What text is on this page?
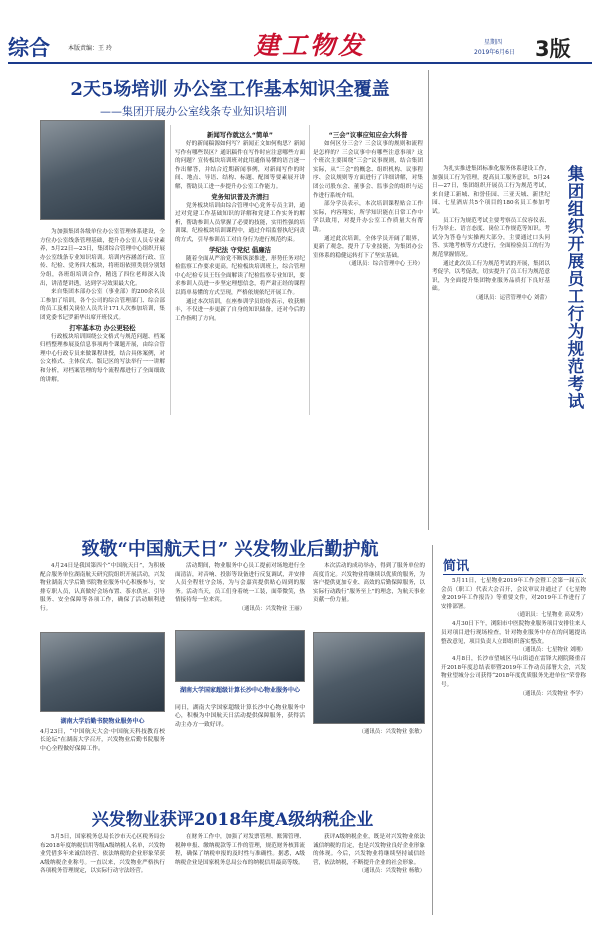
综合	本版责编：王 玲	建工物发	星期四
2019年6月6日 3版
2天5场培训 办公室工作基本知识全覆盖
——集团开展办公室线条专业知识培训
为加强集团各级单位办公室管理体系建设，全方位办公室线条管理基础，提升办公室人员专业素养，5月22日—23日，集团综合管理中心组织开展办公室线条专业知识培训。培训内容涵盖行政、宣传、纪检、党务四大板块，将班组依照类别分别划分组，各班组培训合作，精选了四位老师深入浅出，讲清楚讲透，达到学习效果最大化。
来自集团本部办公室（事业部）的200余名员工参加了培训，各个公司的综合管理部门、综合部的员工及相关岗位人员共计171人次参加培训，集团党委书记罗新华出席开班仪式。
打牢基本功 办公更轻松
行政板块培训围绕公文格式与规范问题、档案归档整理参展及信息事项两个课题开展，由综合管理中心行政专员来做课程讲授，结合具体案例，对公文格式、主体仪式、版记区的写法举行一一讲解和分析，对档案管理的每个流程都进行了全面细致的讲解。
新闻写作就这么“简单”
好的新闻稿源如何写？新闻正文如何构思？新闻写作有哪些误区？通讯稿件在写作时应注意哪些方面的问题？宣传板块培训班对此用通俗易懂的语言逐一作出解答，并结合近期新闻事例，对新闻写作的时间、地点、导语、结构、标题、配图等要素展开讲解，帮助员工进一步提升办公室工作能力。
党务知识普及齐清扫
党务板块培训由综合管理中心党务专员主讲，通过对党建工作基础知识的详解和党建工作实务的解析，帮助参训人员掌握了必要的技能，实用性强的培训课。纪检板块培训课程中，通过介绍监督执纪问责的方式，引导参训员工对自身行为进行规范约束。
学纪法 守党纪 倡廉洁
随着全面从严治党不断纵深推进，形势任务对纪检监察工作要求更高。纪检板块培训班上，综合管理中心纪检专员王钰全面解读了纪检监察专业知识，要求参训人员进一步坚定理想信念，将严肃正经的课程以简单易懂的方式呈现，严格依规依纪开展工作。
通过本次培训，在座参训学员纷纷表示，收获颇丰，不仅进一步更新了自身的知识储备，还对今后的工作指明了方向。
“三会”议事应知应会大科普
如何区分三会？三会议事的规则和流程是怎样的？三会议事中有哪些注意事项？这个班次主要围绕“三会”议事规则，结合集团实际，从“三会”的概念、组织机构、议事程序、会议规则等方面进行了详细讲解，对集团公司股东会、董事会、监事会的组织与运作进行系统介绍。
部分学员表示，本次培训课程贴合工作实际，内容翔实，所学知识能在日常工作中学以致用，对提升办公室工作质量大有帮助。
通过此次培训，全体学员开阔了眼界，更新了观念，提升了专业技能，为集团办公室体系的稳健运转打下了坚实基础。
（通讯员：综合管理中心 王玲）
为扎实推进集团标准化服务体系建设工作，加强员工行为管理，提高员工服务意识，5月24日—27日，集团组织开展员工行为规范考试，来自建工新城、和誉佳园、三亚天城、新世纪园、七星酒店共5个项目的180名员工参加考试。
员工行为规范考试主要考察员工仪容仪表、行为举止、语言态度、岗位工作规范等知识。考试分为答卷与实操两大部分，主要通过口头问答、实地考核等方式进行，全面检验员工的行为规范掌握情况。
通过此次员工行为规范考试的开展，集团以考促学，以考促改，切实提升了员工行为规范意识，为全面提升集团物业服务品质打下良好基础。
（通讯员：运营管理中心 刘蕾） 集团组织开展员工行为规范考试
致敬“中国航天日” 兴发物业后勤护航
4月24日是我国第四个“中国航天日”，为积极配合服务单位湖南航天研究院组织开展活动，兴发物业湖南大学后勤书院物业服务中心积极参与，安排专职人员，认真做好会场布置、茶水供应、引导服务、安全保障等各项工作，确保了活动顺利进行。
湖南大学后勤书院物业服务中心
4月23日，“中国航天大会·中国航天科技教育校长论坛”在湖南大学召开，兴发物业后勤书院服务中心全程做好保障工作。
活动期间，物业服务中心员工提前对场地进行全面清洁，对音响、投影等设备进行反复调试，并安排人员全程驻守会场，为与会嘉宾提供贴心周到的服务。活动当天，员工们身着统一工装，面带微笑，热情接待每一位来宾。
（通讯员：兴发物业 王丽）
湖南大学国家超级计算长沙中心物业服务中心
同日，湖南大学国家超级计算长沙中心物业服务中心，积极为中国航天日活动提供保障服务，获得活动主办方一致好评。
本次活动的成功举办，得到了服务单位的高度肯定。兴发物业将继续以优质的服务，为客户提供更加专业、高效的后勤保障服务，以实际行动践行“服务至上”的理念，为航天事业贡献一份力量。
（通讯员：兴发物业 张敏）
简讯
5月11日，七星物业2019年工作会暨工会第一届五次会员（职工）代表大会召开，会议审议并通过了《七星物业2019年工作报告》等重要文件，对2019年工作进行了安排部署。
（通讯员：七星物业 高双秀）
4月30日下午，浏阳市中医院物业服务项目安排往来人员对项目进行现场检查，针对物业服务中存在的问题提出整改意见，项目负责人立即组织落实整改。
（通讯员：七星物业 刘刚）
4月8日，长沙市望城区马山街道在雷锋大剧院隆重召开2018年度总结表彰暨2019年工作动员部署大会，兴发物业望城分公司获得“2018年度优质服务先进单位”荣誉称号。
（通讯员：兴发物业 李学）
兴发物业获评2018年度A级纳税企业
5月5日，国家税务总局长沙市天心区税务局公布2018年度纳税信用等级A级纳税人名单，兴发物业凭借多年来诚信经营、依法纳税的企业形象荣获A级纳税企业称号。一直以来，兴发物业严格执行各项税务管理规定，以实际行动守法经营。
在财务工作中，加强了对发票管理、账簿管理、税种申报、缴纳税款等工作的管理，规范财务核算流程，确保了纳税申报的及时性与准确性。据悉，A级纳税企业是国家税务总局公布的纳税信用最高等级。
获评A级纳税企业，既是对兴发物业依法诚信纳税的肯定，也是兴发物业良好企业形象的体现。今后，兴发物业将继续坚持诚信经营，依法纳税，不断提升企业的社会形象。
（通讯员：兴发物业 杨敏）
